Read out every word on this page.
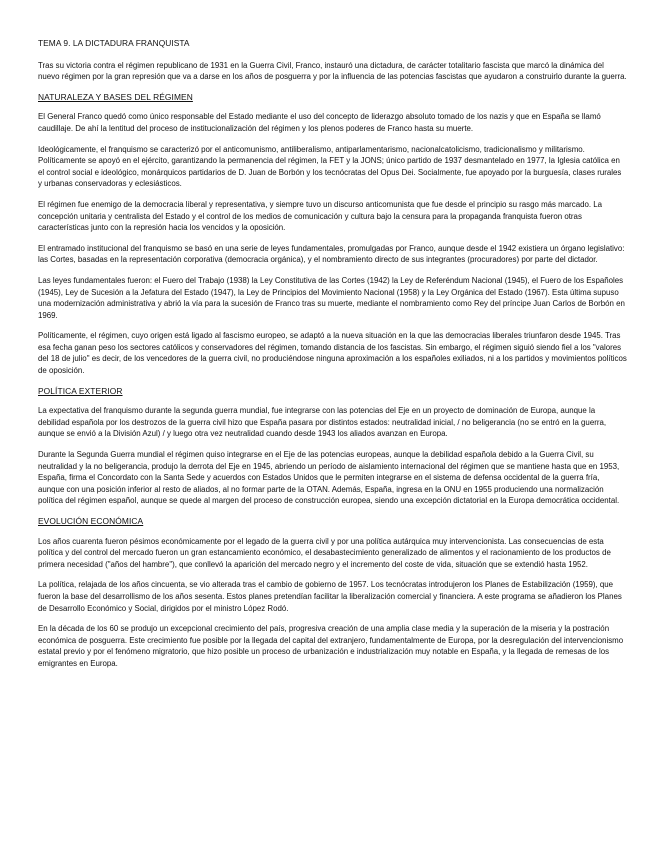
TEMA 9. LA DICTADURA FRANQUISTA

Tras su victoria contra el régimen republicano de 1931 en la Guerra Civil, Franco, instauró una dictadura, de carácter totalitario fascista que marcó la dinámica del nuevo régimen por la gran represión que va a darse en los años de posguerra y por la influencia de las potencias fascistas que ayudaron a construirlo durante la guerra.

NATURALEZA Y BASES DEL RÉGIMEN

El General Franco quedó como único responsable del Estado mediante el uso del concepto de liderazgo absoluto tomado de los nazis y que en España se llamó caudillaje. De ahí la lentitud del proceso de institucionalización del régimen y los plenos poderes de Franco hasta su muerte.

Ideológicamente, el franquismo se caracterizó por el anticomunismo, antiliberalismo, antiparlamentarismo, nacionalcatolicismo, tradicionalismo y militarismo. Políticamente se apoyó en el ejército, garantizando la permanencia del régimen, la FET y la JONS; único partido de 1937 desmantelado en 1977, la Iglesia católica en el control social e ideológico, monárquicos partidarios de D. Juan de Borbón y los tecnócratas del Opus Dei. Socialmente, fue apoyado por la burguesía, clases rurales y urbanas conservadoras y eclesiásticos.

El régimen fue enemigo de la democracia liberal y representativa, y siempre tuvo un discurso anticomunista que fue desde el principio su rasgo más marcado. La concepción unitaria y centralista del Estado y el control de los medios de comunicación y cultura bajo la censura para la propaganda franquista fueron otras características junto con la represión hacia los vencidos y la oposición.

El entramado institucional del franquismo se basó en una serie de leyes fundamentales, promulgadas por Franco, aunque desde el 1942 existiera un órgano legislativo: las Cortes, basadas en la representación corporativa (democracia orgánica), y el nombramiento directo de sus integrantes (procuradores) por parte del dictador.

Las leyes fundamentales fueron: el Fuero del Trabajo (1938) la Ley Constitutiva de las Cortes (1942) la Ley de Referéndum Nacional (1945), el Fuero de los Españoles (1945), Ley de Sucesión a la Jefatura del Estado (1947), la Ley de Principios del Movimiento Nacional (1958) y la Ley Orgánica del Estado (1967). Esta última supuso una modernización administrativa y abrió la vía para la sucesión de Franco tras su muerte, mediante el nombramiento como Rey del príncipe Juan Carlos de Borbón en 1969.

Políticamente, el régimen, cuyo origen está ligado al fascismo europeo, se adaptó a la nueva situación en la que las democracias liberales triunfaron desde 1945. Tras esa fecha ganan peso los sectores católicos y conservadores del régimen, tomando distancia de los fascistas. Sin embargo, el régimen siguió siendo fiel a los "valores del 18 de julio" es decir, de los vencedores de la guerra civil, no produciéndose ninguna aproximación a los españoles exiliados, ni a los partidos y movimientos políticos de oposición.

POLÍTICA EXTERIOR

La expectativa del franquismo durante la segunda guerra mundial, fue integrarse con las potencias del Eje en un proyecto de dominación de Europa, aunque la debilidad española por los destrozos de la guerra civil hizo que España pasara por distintos estados: neutralidad inicial, / no beligerancia (no se entró en la guerra, aunque se envió a la División Azul) / y luego otra vez neutralidad cuando desde 1943 los aliados avanzan en Europa.

Durante la Segunda Guerra mundial el régimen quiso integrarse en el Eje de las potencias europeas, aunque la debilidad española debido a la Guerra Civil, su neutralidad y la no beligerancia, produjo la derrota del Eje en 1945, abriendo un período de aislamiento internacional del régimen que se mantiene hasta que en 1953, España, firma el Concordato con la Santa Sede y acuerdos con Estados Unidos que le permiten integrarse en el sistema de defensa occidental de la guerra fría, aunque con una posición inferior al resto de aliados, al no formar parte de la OTAN. Además, España, ingresa en la ONU en 1955 produciendo una normalización política del régimen español, aunque se quede al margen del proceso de construcción europea, siendo una excepción dictatorial en la Europa democrática occidental.

EVOLUCIÓN ECONÓMICA

Los años cuarenta fueron pésimos económicamente por el legado de la guerra civil y por una política autárquica muy intervencionista. Las consecuencias de esta política y del control del mercado fueron un gran estancamiento económico, el desabastecimiento generalizado de alimentos y el racionamiento de los productos de primera necesidad ("años del hambre"), que conllevó la aparición del mercado negro y el incremento del coste de vida, situación que se extendió hasta 1952.

La política, relajada de los años cincuenta, se vio alterada tras el cambio de gobierno de 1957. Los tecnócratas introdujeron los Planes de Estabilización (1959), que fueron la base del desarrollismo de los años sesenta. Estos planes pretendían facilitar la liberalización comercial y financiera. A este programa se añadieron los Planes de Desarrollo Económico y Social, dirigidos por el ministro López Rodó.

En la década de los 60 se produjo un excepcional crecimiento del país, progresiva creación de una amplia clase media y la superación de la miseria y la postración económica de posguerra. Este crecimiento fue posible por la llegada del capital del extranjero, fundamentalmente de Europa, por la desregulación del intervencionismo estatal previo y por el fenómeno migratorio, que hizo posible un proceso de urbanización e industrialización muy notable en España, y la llegada de remesas de los emigrantes en Europa.
